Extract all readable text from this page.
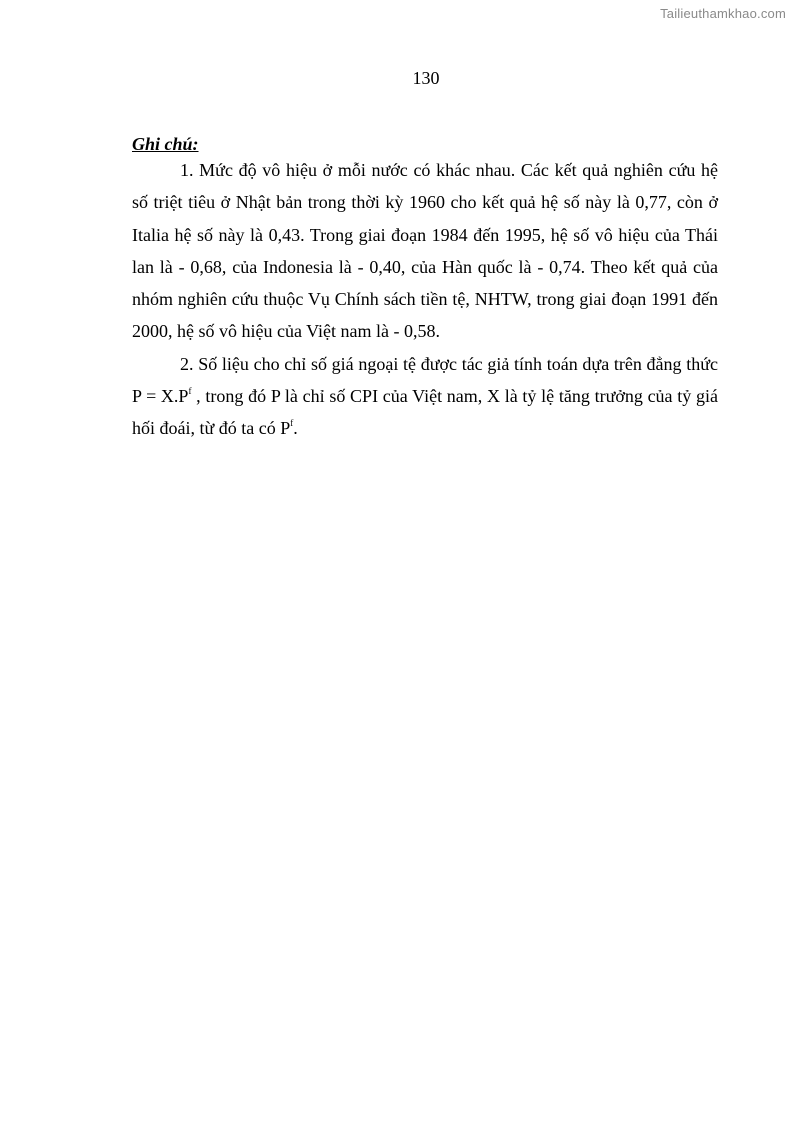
Tailieuthamkhao.com
130
Ghi chú:

1. Mức độ vô hiệu ở mỗi nước có khác nhau. Các kết quả nghiên cứu hệ số triệt tiêu ở Nhật bản trong thời kỳ 1960 cho kết quả hệ số này là 0,77, còn ở Italia hệ số này là 0,43. Trong giai đoạn 1984 đến 1995, hệ số vô hiệu của Thái lan là - 0,68, của Indonesia là - 0,40, của Hàn quốc là - 0,74. Theo kết quả của nhóm nghiên cứu thuộc Vụ Chính sách tiền tệ, NHTW, trong giai đoạn 1991 đến 2000, hệ số vô hiệu của Việt nam là - 0,58.

2. Số liệu cho chỉ số giá ngoại tệ được tác giả tính toán dựa trên đẳng thức $P = X.P^f$ , trong đó P là chỉ số CPI của Việt nam, X là tỷ lệ tăng trưởng của tỷ giá hối đoái, từ đó ta có $P^f$.
